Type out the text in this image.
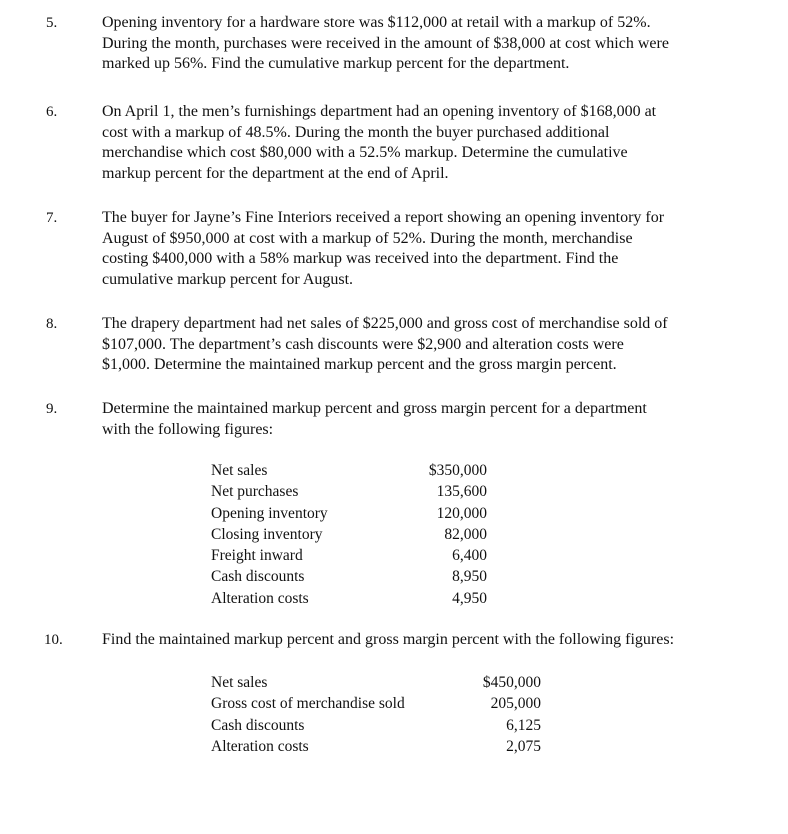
5.	Opening inventory for a hardware store was $112,000 at retail with a markup of 52%.

During the month, purchases were received in the amount of $38,000 at cost which were

marked up 56%. Find the cumulative markup percent for the department.

6.	On April 1, the men’s furnishings department had an opening inventory of $168,000 at

cost with a markup of 48.5%. During the month the buyer purchased additional

merchandise which cost $80,000 with a 52.5% markup. Determine the cumulative

markup percent for the department at the end of April.

7.	The buyer for Jayne’s Fine Interiors received a report showing an opening inventory for

August of $950,000 at cost with a markup of 52%. During the month, merchandise

costing $400,000 with a 58% markup was received into the department. Find the

cumulative markup percent for August.

8.	The drapery department had net sales of $225,000 and gross cost of merchandise sold of

$107,000. The department’s cash discounts were $2,900 and alteration costs were

$1,000. Determine the maintained markup percent and the gross margin percent.

9.	Determine the maintained markup percent and gross margin percent for a department

with the following figures:

Net sales	$350,000
Net purchases	135,600
Opening inventory	120,000
Closing inventory	82,000
Freight inward	6,400
Cash discounts	8,950
Alteration costs	4,950
10. Find the maintained markup percent and gross margin percent with the following figures:

Net sales	$450,000
Gross cost of merchandise sold	205,000
Cash discounts	6,125
Alteration costs	2,075
